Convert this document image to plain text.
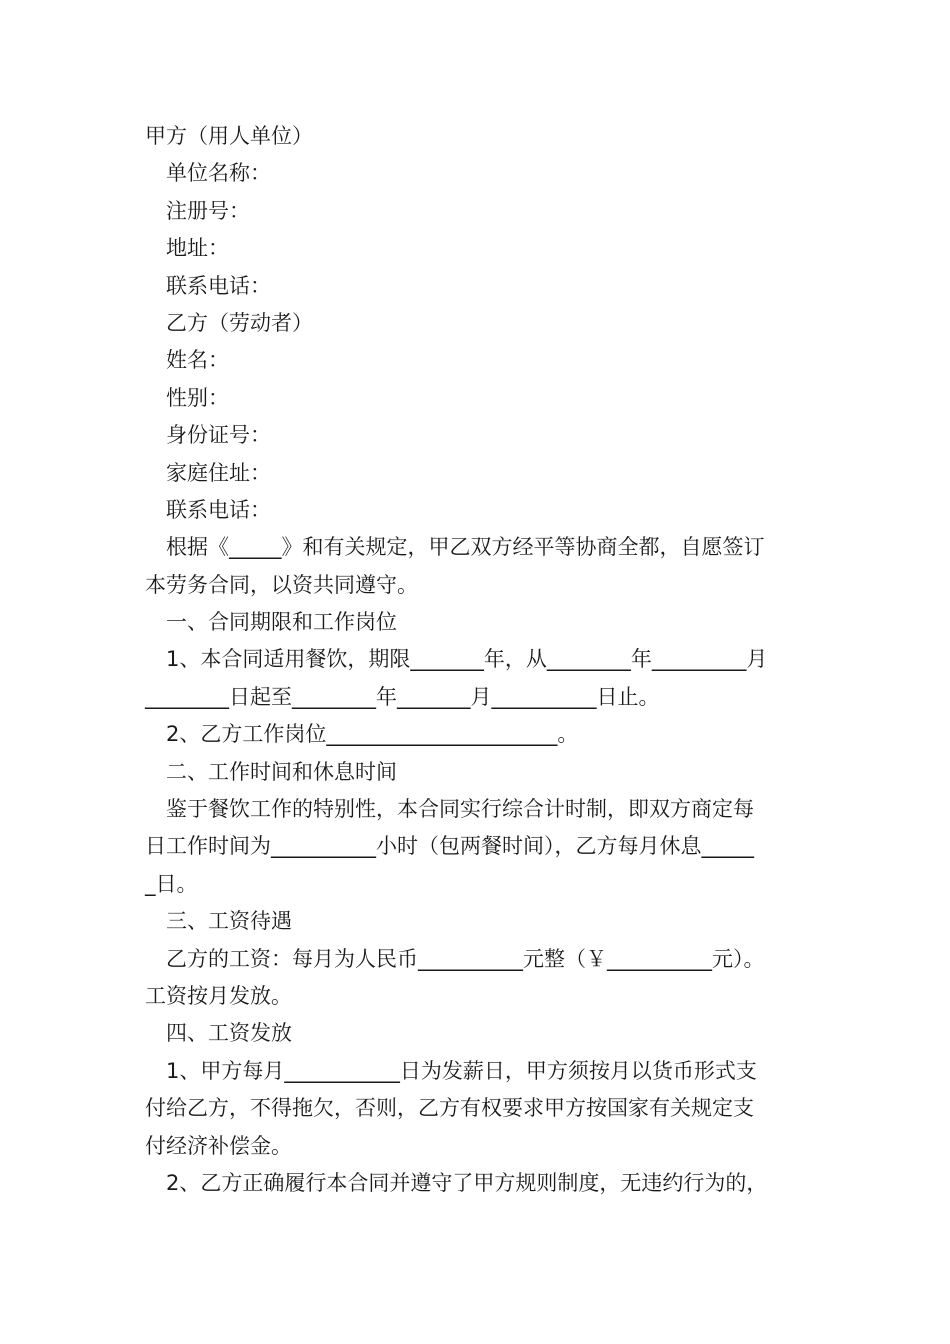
甲方（用人单位）
单位名称：
注册号：
地址：
联系电话：
乙方（劳动者）
姓名：
性别：
身份证号：
家庭住址：
联系电话：
根据《_____》和有关规定，甲乙双方经平等协商全都，自愿签订
本劳务合同，以资共同遵守。
一、合同期限和工作岗位
1、本合同适用餐饮，期限_______年，从________年_________月
________日起至________年_______月__________日止。
2、乙方工作岗位______________________。
二、工作时间和休息时间
鉴于餐饮工作的特别性，本合同实行综合计时制，即双方商定每
日工作时间为__________小时（包两餐时间），乙方每月休息_____
_日。
三、工资待遇
乙方的工资：每月为人民币__________元整（￥__________元）。
工资按月发放。
四、工资发放
1、甲方每月___________日为发薪日，甲方须按月以货币形式支
付给乙方，不得拖欠，否则，乙方有权要求甲方按国家有关规定支
付经济补偿金。
2、乙方正确履行本合同并遵守了甲方规则制度，无违约行为的，
